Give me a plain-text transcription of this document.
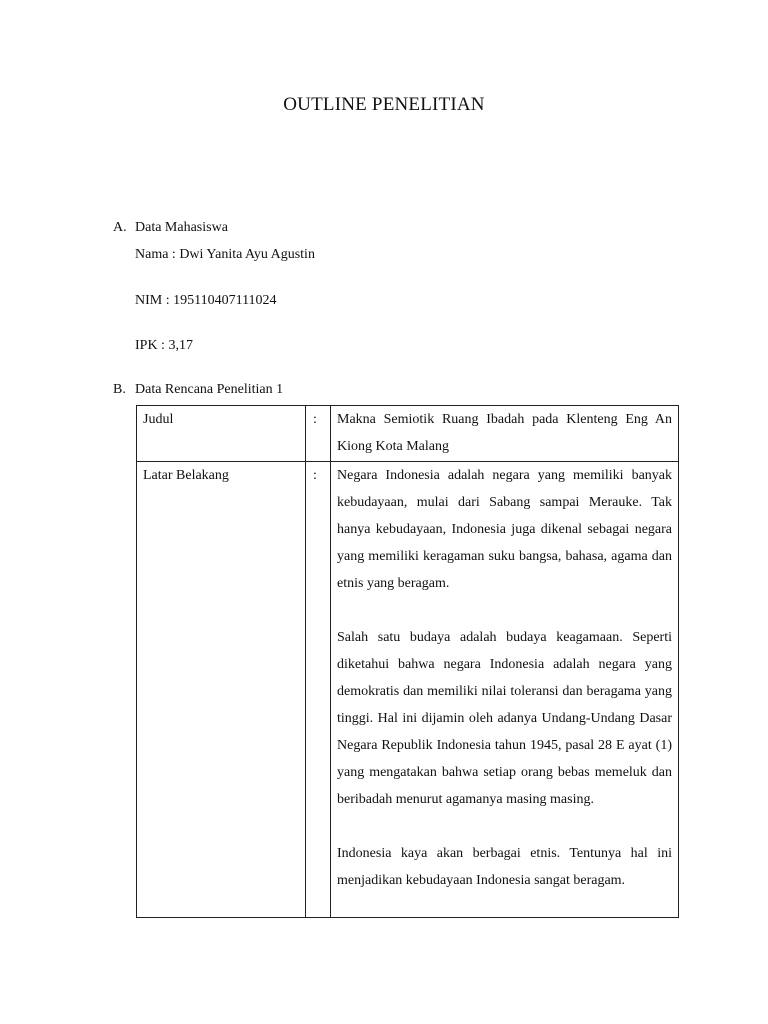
OUTLINE PENELITIAN
A. Data Mahasiswa
Nama : Dwi Yanita Ayu Agustin
NIM : 195110407111024
IPK : 3,17
B. Data Rencana Penelitian 1
Judul	:	Makna Semiotik Ruang Ibadah pada Klenteng Eng An Kiong Kota Malang
Latar Belakang	:	Negara Indonesia adalah negara yang memiliki banyak kebudayaan, mulai dari Sabang sampai Merauke. Tak hanya kebudayaan, Indonesia juga dikenal sebagai negara yang memiliki keragaman suku bangsa, bahasa, agama dan etnis yang beragam.

Salah satu budaya adalah budaya keagamaan. Seperti diketahui bahwa negara Indonesia adalah negara yang demokratis dan memiliki nilai toleransi dan beragama yang tinggi. Hal ini dijamin oleh adanya Undang-Undang Dasar Negara Republik Indonesia tahun 1945, pasal 28 E ayat (1) yang mengatakan bahwa setiap orang bebas memeluk dan beribadah menurut agamanya masing masing.

Indonesia kaya akan berbagai etnis. Tentunya hal ini menjadikan kebudayaan Indonesia sangat beragam.
